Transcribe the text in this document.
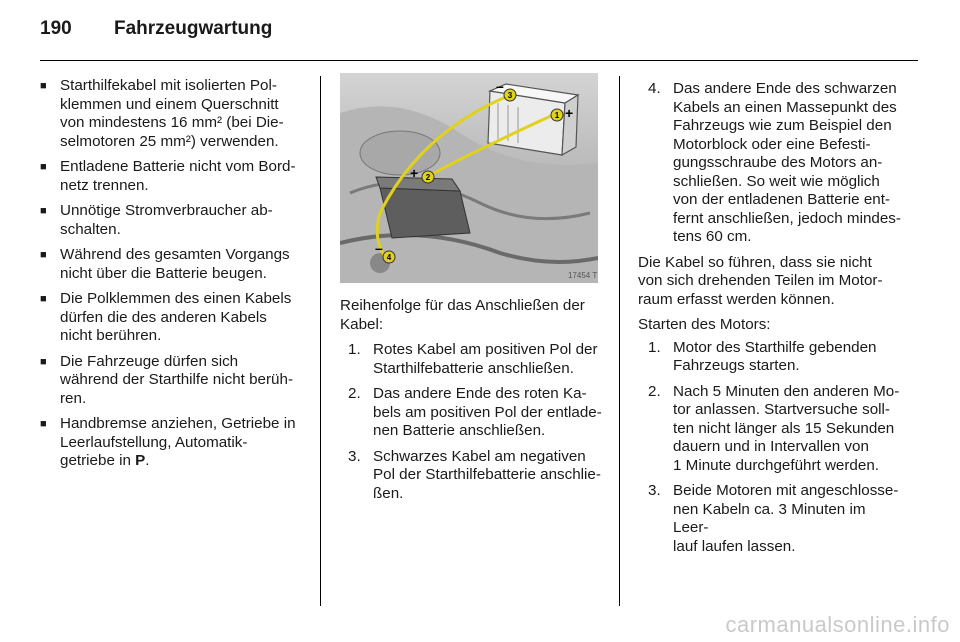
190 Fahrzeugwartung
■ Starthilfekabel mit isolierten Pol-
klemmen und einem Querschnitt
von mindestens 16 mm² (bei Die-
selmotoren 25 mm²) verwenden.
■ Entladene Batterie nicht vom Bord-
netz trennen.
■ Unnötige Stromverbraucher ab-
schalten.
■ Während des gesamten Vorgangs
nicht über die Batterie beugen.
■ Die Polklemmen des einen Kabels
dürfen die des anderen Kabels
nicht berühren.
■ Die Fahrzeuge dürfen sich
während der Starthilfe nicht berüh-
ren.
■ Handbremse anziehen, Getriebe in
Leerlaufstellung, Automatik-
getriebe in P.
–
+
+
–
1
2
3
4
17454 T

Reihenfolge für das Anschließen der
Kabel:

1. Rotes Kabel am positiven Pol der
Starthilfebatterie anschließen.
2. Das andere Ende des roten Ka-
bels am positiven Pol der entlade-
nen Batterie anschließen.
3. Schwarzes Kabel am negativen
Pol der Starthilfebatterie anschlie-
ßen.
4. Das andere Ende des schwarzen
Kabels an einen Massepunkt des
Fahrzeugs wie zum Beispiel den
Motorblock oder eine Befesti-
gungsschraube des Motors an-
schließen. So weit wie möglich
von der entladenen Batterie ent-
fernt anschließen, jedoch mindes-
tens 60 cm.

Die Kabel so führen, dass sie nicht
von sich drehenden Teilen im Motor-
raum erfasst werden können.

Starten des Motors:

1. Motor des Starthilfe gebenden
Fahrzeugs starten.
2. Nach 5 Minuten den anderen Mo-
tor anlassen. Startversuche soll-
ten nicht länger als 15 Sekunden
dauern und in Intervallen von
1 Minute durchgeführt werden.
3. Beide Motoren mit angeschlosse-
nen Kabeln ca. 3 Minuten im Leer-
lauf laufen lassen.
carmanualsonline.info
